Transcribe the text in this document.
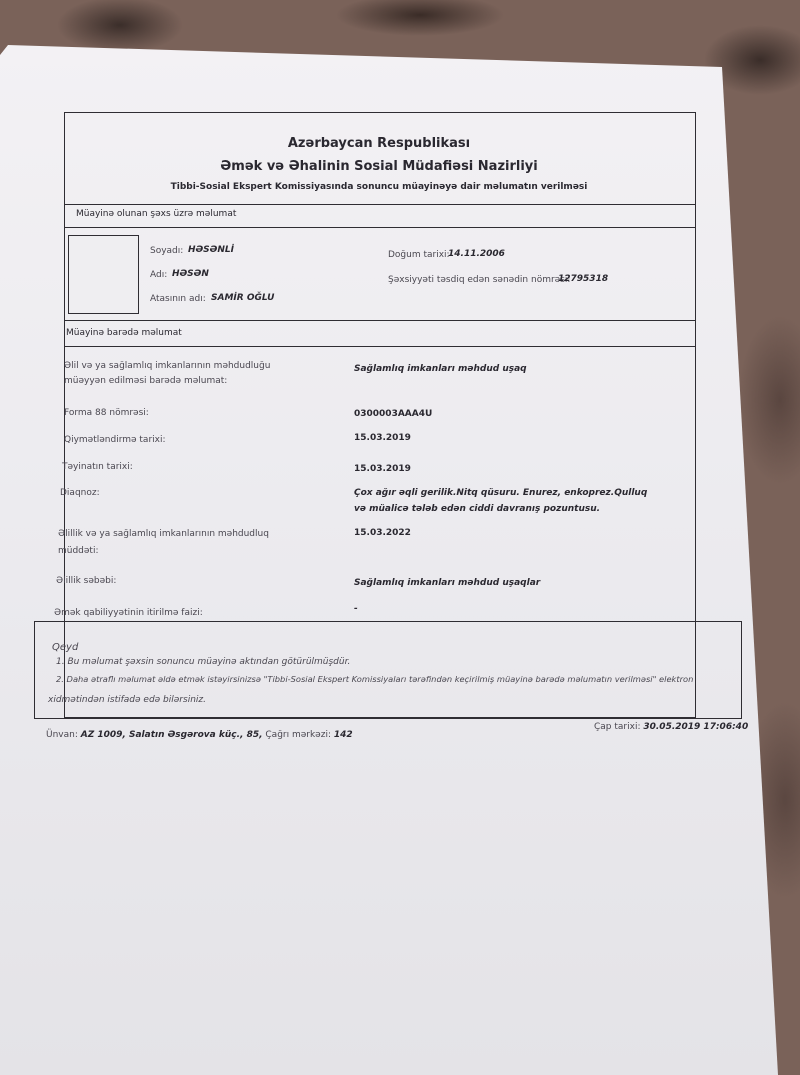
Azərbaycan Respublikası
Əmək və Əhalinin Sosial Müdafiəsi Nazirliyi
Tibbi-Sosial Ekspert Komissiyasında sonuncu müayinəyə dair məlumatın verilməsi
Müayinə olunan şəxs üzrə məlumat
Soyadı: HƏSƏNLİ
Adı: HƏSƏN
Atasının adı: SAMİR OĞLU
Doğum tarixi:
14.11.2006
Şəxsiyyəti təsdiq edən sənədin nömrəsi:
12795318
Müayinə barədə məlumat
Əlil və ya sağlamlıq imkanlarının məhdudluğu
müəyyən edilməsi barədə məlumat:
Sağlamlıq imkanları məhdud uşaq
Forma 88 nömrəsi:	0300003AAA4U
Qiymətləndirmə tarixi:	15.03.2019
Təyinatın tarixi:	15.03.2019
Diaqnoz:	Çox ağır əqli gerilik.Nitq qüsuru. Enurez, enkoprez.Qulluq
və müalicə tələb edən ciddi davranış pozuntusu.
Əlillik və ya sağlamlıq imkanlarının məhdudluq
müddəti:
15.03.2022
Əlillik səbəbi:	Sağlamlıq imkanları məhdud uşaqlar
Əmək qabiliyyətinin itirilmə faizi:	-
Qeyd
1. Bu məlumat şəxsin sonuncu müayinə aktından götürülmüşdür.
2. Daha ətraflı məlumat əldə etmək istəyirsinizsə "Tibbi-Sosial Ekspert Komissiyaları tərəfindən keçirilmiş müayinə barədə məlumatın verilməsi" elektron
xidmətindən istifadə edə bilərsiniz.
Ünvan: AZ 1009, Salatın Əsgərova küç., 85, Çağrı mərkəzi: 142
Çap tarixi: 30.05.2019 17:06:40
